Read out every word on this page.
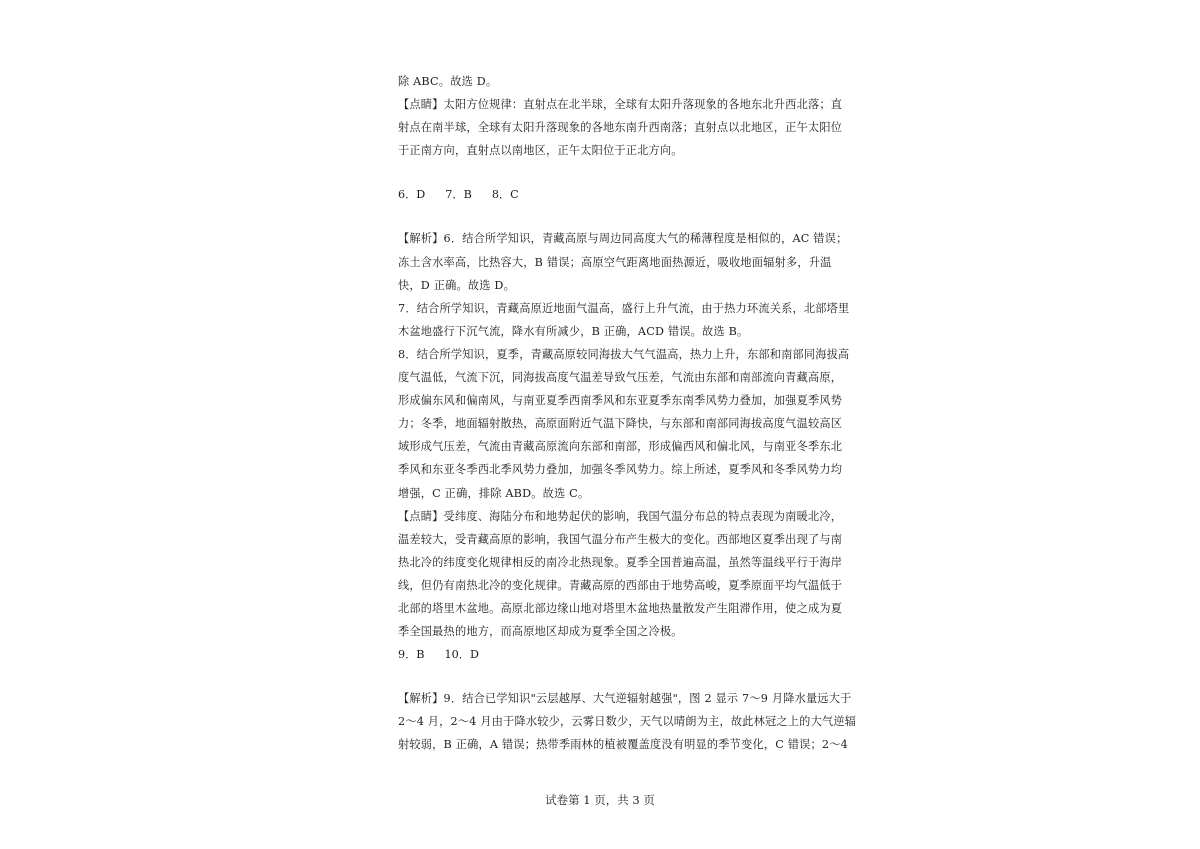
除 ABC。故选 D。
【点睛】太阳方位规律：直射点在北半球，全球有太阳升落现象的各地东北升西北落；直
射点在南半球，全球有太阳升落现象的各地东南升西南落；直射点以北地区，正午太阳位
于正南方向，直射点以南地区，正午太阳位于正北方向。
6．D 7．B 8．C
【解析】6．结合所学知识，青藏高原与周边同高度大气的稀薄程度是相似的，AC 错误；
冻土含水率高，比热容大，B 错误；高原空气距离地面热源近，吸收地面辐射多，升温
快，D 正确。故选 D。
7．结合所学知识，青藏高原近地面气温高，盛行上升气流，由于热力环流关系，北部塔里
木盆地盛行下沉气流，降水有所减少，B 正确，ACD 错误。故选 B。
8．结合所学知识，夏季，青藏高原较同海拔大气气温高，热力上升，东部和南部同海拔高
度气温低，气流下沉，同海拔高度气温差导致气压差，气流由东部和南部流向青藏高原，
形成偏东风和偏南风，与南亚夏季西南季风和东亚夏季东南季风势力叠加，加强夏季风势
力；冬季，地面辐射散热，高原面附近气温下降快，与东部和南部同海拔高度气温较高区
域形成气压差，气流由青藏高原流向东部和南部，形成偏西风和偏北风，与南亚冬季东北
季风和东亚冬季西北季风势力叠加，加强冬季风势力。综上所述，夏季风和冬季风势力均
增强，C 正确，排除 ABD。故选 C。
【点睛】受纬度、海陆分布和地势起伏的影响，我国气温分布总的特点表现为南暖北冷，
温差较大，受青藏高原的影响，我国气温分布产生极大的变化。西部地区夏季出现了与南
热北冷的纬度变化规律相反的南冷北热现象。夏季全国普遍高温，虽然等温线平行于海岸
线，但仍有南热北冷的变化规律。青藏高原的西部由于地势高峻，夏季原面平均气温低于
北部的塔里木盆地。高原北部边缘山地对塔里木盆地热量散发产生阻滞作用，使之成为夏
季全国最热的地方，而高原地区却成为夏季全国之冷极。
9．B 10．D
【解析】9．结合已学知识"云层越厚、大气逆辐射越强"，图 2 显示 7～9 月降水量远大于
2～4 月，2～4 月由于降水较少，云雾日数少，天气以晴朗为主，故此林冠之上的大气逆辐
射较弱，B 正确，A 错误；热带季雨林的植被覆盖度没有明显的季节变化，C 错误；2～4
试卷第 1 页，共 3 页
